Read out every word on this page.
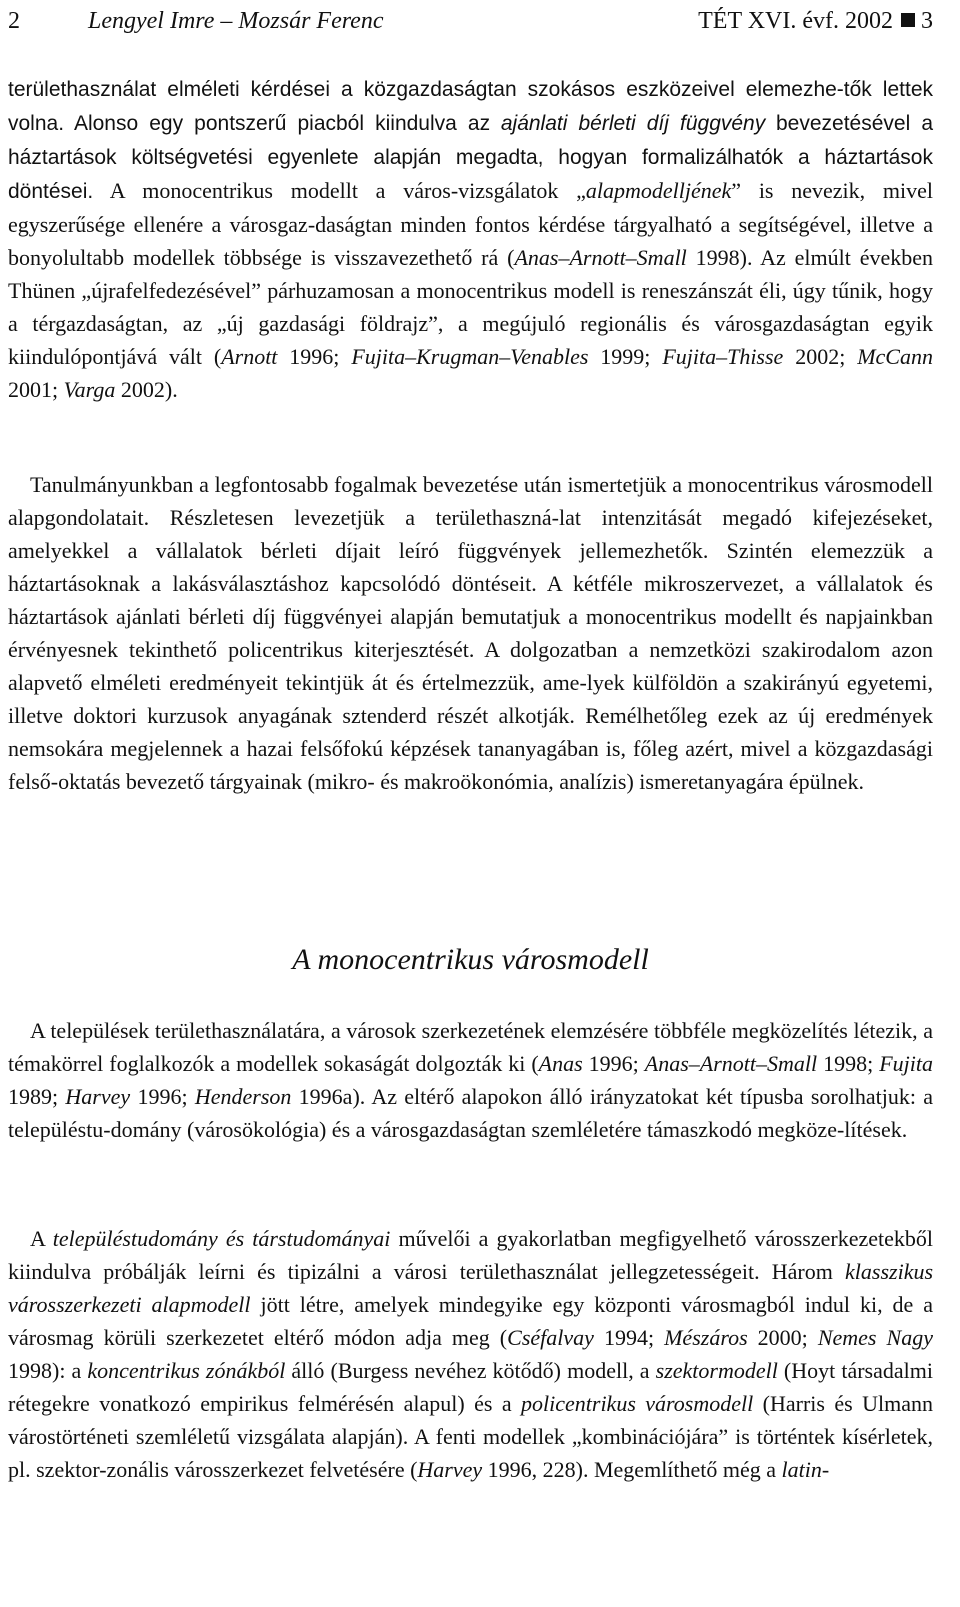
2	Lengyel Imre – Mozsár Ferenc	TÉT XVI. évf. 2002 3

területhasználat elméleti kérdései a közgazdaságtan szokásos eszközeivel elemezhe-tők lettek volna. Alonso egy pontszerű piacból kiindulva az ajánlati bérleti díj függvény bevezetésével a háztartások költségvetési egyenlete alapján megadta, hogyan formalizálhatók a háztartások döntései. A monocentrikus modellt a város-vizsgálatok „alapmodelljének” is nevezik, mivel egyszerűsége ellenére a városgaz-daságtan minden fontos kérdése tárgyalható a segítségével, illetve a bonyolultabb modellek többsége is visszavezethető rá (Anas–Arnott–Small 1998). Az elmúlt években Thünen „újrafelfedezésével” párhuzamosan a monocentrikus modell is reneszánszát éli, úgy tűnik, hogy a térgazdaságtan, az „új gazdasági földrajz”, a megújuló regionális és városgazdaságtan egyik kiindulópontjává vált (Arnott 1996; Fujita–Krugman–Venables 1999; Fujita–Thisse 2002; McCann 2001; Varga 2002).

Tanulmányunkban a legfontosabb fogalmak bevezetése után ismertetjük a monocentrikus városmodell alapgondolatait. Részletesen levezetjük a területhaszná-lat intenzitását megadó kifejezéseket, amelyekkel a vállalatok bérleti díjait leíró függvények jellemezhetők. Szintén elemezzük a háztartásoknak a lakásválasztáshoz kapcsolódó döntéseit. A kétféle mikroszervezet, a vállalatok és háztartások ajánlati bérleti díj függvényei alapján bemutatjuk a monocentrikus modellt és napjainkban érvényesnek tekinthető policentrikus kiterjesztését. A dolgozatban a nemzetközi szakirodalom azon alapvető elméleti eredményeit tekintjük át és értelmezzük, ame-lyek külföldön a szakirányú egyetemi, illetve doktori kurzusok anyagának sztenderd részét alkotják. Remélhetőleg ezek az új eredmények nemsokára megjelennek a hazai felsőfokú képzések tananyagában is, főleg azért, mivel a közgazdasági felső-oktatás bevezető tárgyainak (mikro- és makroökonómia, analízis) ismeretanyagára épülnek.

A monocentrikus városmodell

A települések területhasználatára, a városok szerkezetének elemzésére többféle megközelítés létezik, a témakörrel foglalkozók a modellek sokaságát dolgozták ki (Anas 1996; Anas–Arnott–Small 1998; Fujita 1989; Harvey 1996; Henderson 1996a). Az eltérő alapokon álló irányzatokat két típusba sorolhatjuk: a településtu-domány (városökológia) és a városgazdaságtan szemléletére támaszkodó megköze-lítések.

A településtudomány és társtudományai művelői a gyakorlatban megfigyelhető városszerkezetekből kiindulva próbálják leírni és tipizálni a városi területhasználat jellegzetességeit. Három klasszikus városszerkezeti alapmodell jött létre, amelyek mindegyike egy központi városmagból indul ki, de a városmag körüli szerkezetet eltérő módon adja meg (Cséfalvay 1994; Mészáros 2000; Nemes Nagy 1998): a koncentrikus zónákból álló (Burgess nevéhez kötődő) modell, a szektormodell (Hoyt társadalmi rétegekre vonatkozó empirikus felmérésén alapul) és a policentrikus városmodell (Harris és Ulmann várostörténeti szemléletű vizsgálata alapján). A fenti modellek „kombinációjára” is történtek kísérletek, pl. szektor-zonális városszerkezet felvetésére (Harvey 1996, 228). Megemlíthető még a latin-
